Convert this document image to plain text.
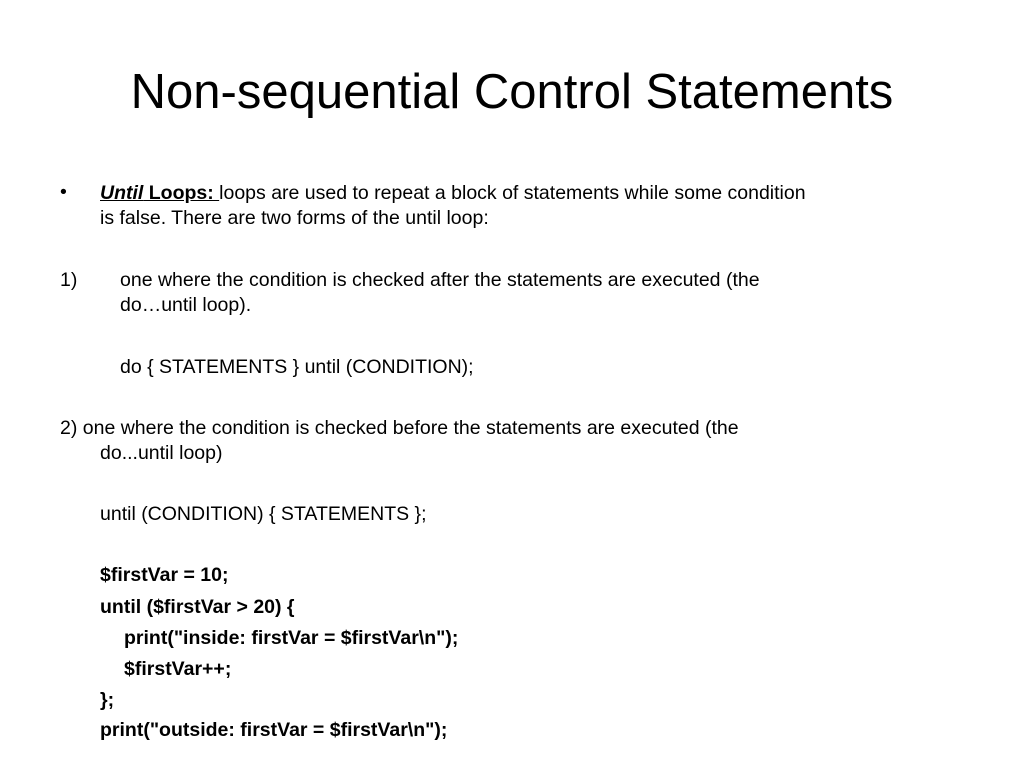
Non-sequential Control Statements
• Until Loops: loops are used to repeat a block of statements while some condition
is false. There are two forms of the until loop:
1) one where the condition is checked after the statements are executed (the
do…until loop).
do { STATEMENTS } until (CONDITION);
2) one where the condition is checked before the statements are executed (the
do...until loop)
until (CONDITION) { STATEMENTS };
$firstVar = 10;
until ($firstVar > 20) {
print("inside: firstVar = $firstVar\n");
$firstVar++;
};
print("outside: firstVar = $firstVar\n");
